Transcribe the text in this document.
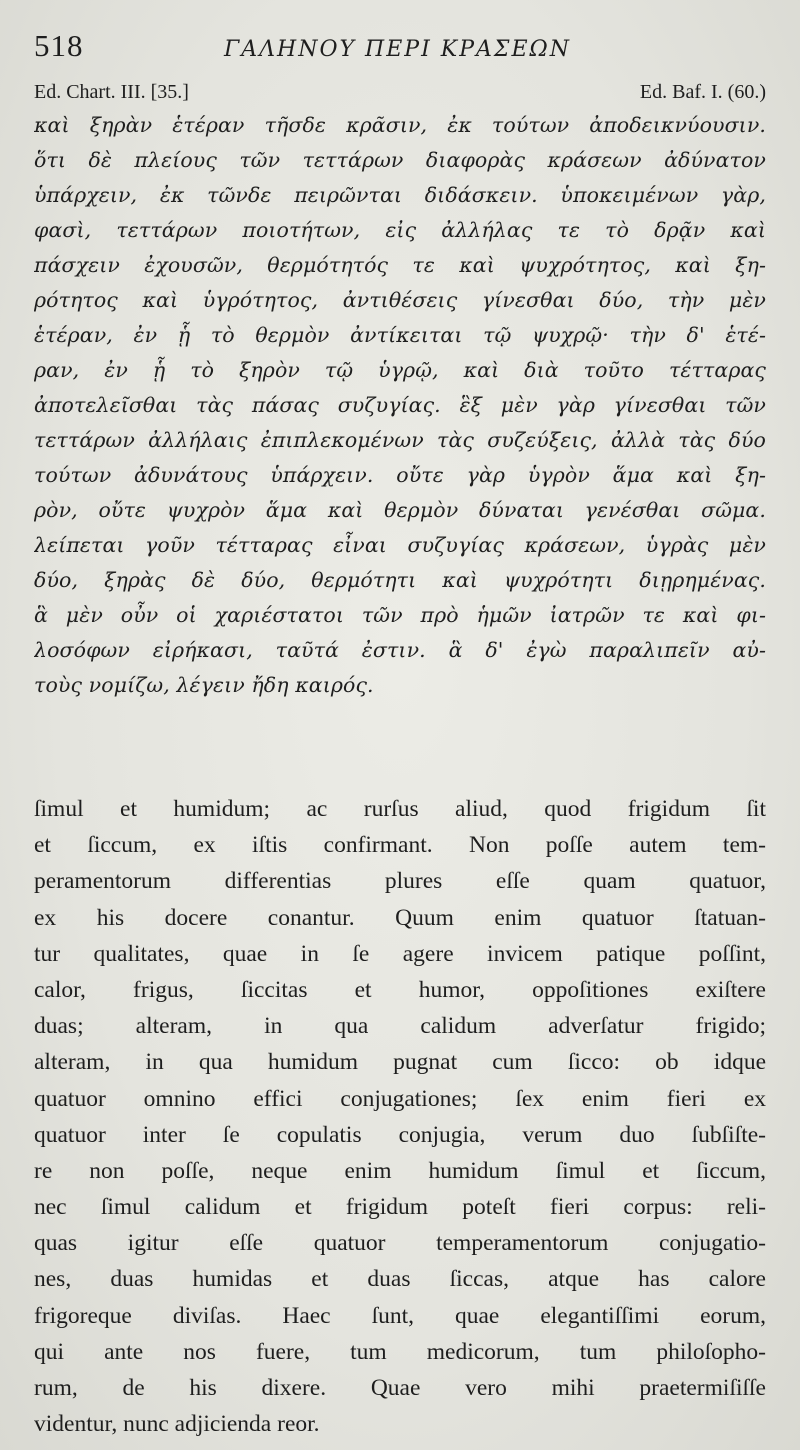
518	ΓΑΛΗΝΟΥ ΠΕΡΙ ΚΡΑΣΕΩΝ
Ed. Chart. III. [35.]	Ed. Baf. I. (60.)
καὶ ξηρὰν ἑτέραν τῆσδε κρᾶσιν, ἐκ τούτων ἀποδεικνύουσιν.
ὅτι δὲ πλείους τῶν τεττάρων διαφορὰς κράσεων ἀδύνατον
ὑπάρχειν, ἐκ τῶνδε πειρῶνται διδάσκειν. ὑποκειμένων γὰρ,
φασὶ, τεττάρων ποιοτήτων, εἰς ἀλλήλας τε τὸ δρᾷν καὶ
πάσχειν ἐχουσῶν, θερμότητός τε καὶ ψυχρότητος, καὶ ξη-
ρότητος καὶ ὑγρότητος, ἀντιθέσεις γίνεσθαι δύο, τὴν μὲν
ἑτέραν, ἐν ᾗ τὸ θερμὸν ἀντίκειται τῷ ψυχρῷ· τὴν δ' ἑτέ-
ραν, ἐν ᾗ τὸ ξηρὸν τῷ ὑγρῷ, καὶ διὰ τοῦτο τέτταρας
ἀποτελεῖσθαι τὰς πάσας συζυγίας. ἓξ μὲν γὰρ γίνεσθαι τῶν
τεττάρων ἀλλήλαις ἐπιπλεκομένων τὰς συζεύξεις, ἀλλὰ τὰς δύο
τούτων ἀδυνάτους ὑπάρχειν. οὔτε γὰρ ὑγρὸν ἅμα καὶ ξη-
ρὸν, οὔτε ψυχρὸν ἅμα καὶ θερμὸν δύναται γενέσθαι σῶμα.
λείπεται γοῦν τέτταρας εἶναι συζυγίας κράσεων, ὑγρὰς μὲν
δύο, ξηρὰς δὲ δύο, θερμότητι καὶ ψυχρότητι διῃρημένας.
ἃ μὲν οὖν οἱ χαριέστατοι τῶν πρὸ ἡμῶν ἰατρῶν τε καὶ φι-
λοσόφων εἰρήκασι, ταῦτά ἐστιν. ἃ δ' ἐγὼ παραλιπεῖν αὐ-
τοὺς νομίζω, λέγειν ἤδη καιρός.
ſimul et humidum; ac rurſus aliud, quod frigidum ſit
et ſiccum, ex iſtis confirmant. Non poſſe autem tem-
peramentorum differentias plures eſſe quam quatuor,
ex his docere conantur. Quum enim quatuor ſtatuan-
tur qualitates, quae in ſe agere invicem patique poſſint,
calor, frigus, ſiccitas et humor, oppoſitiones exiſtere
duas; alteram, in qua calidum adverſatur frigido;
alteram, in qua humidum pugnat cum ſicco: ob idque
quatuor omnino effici conjugationes; ſex enim fieri ex
quatuor inter ſe copulatis conjugia, verum duo ſubſiſte-
re non poſſe, neque enim humidum ſimul et ſiccum,
nec ſimul calidum et frigidum poteſt fieri corpus: reli-
quas igitur eſſe quatuor temperamentorum conjugatio-
nes, duas humidas et duas ſiccas, atque has calore
frigoreque diviſas. Haec ſunt, quae elegantiſſimi eorum,
qui ante nos fuere, tum medicorum, tum philoſopho-
rum, de his dixere. Quae vero mihi praetermiſiſſe
videntur, nunc adjicienda reor.
